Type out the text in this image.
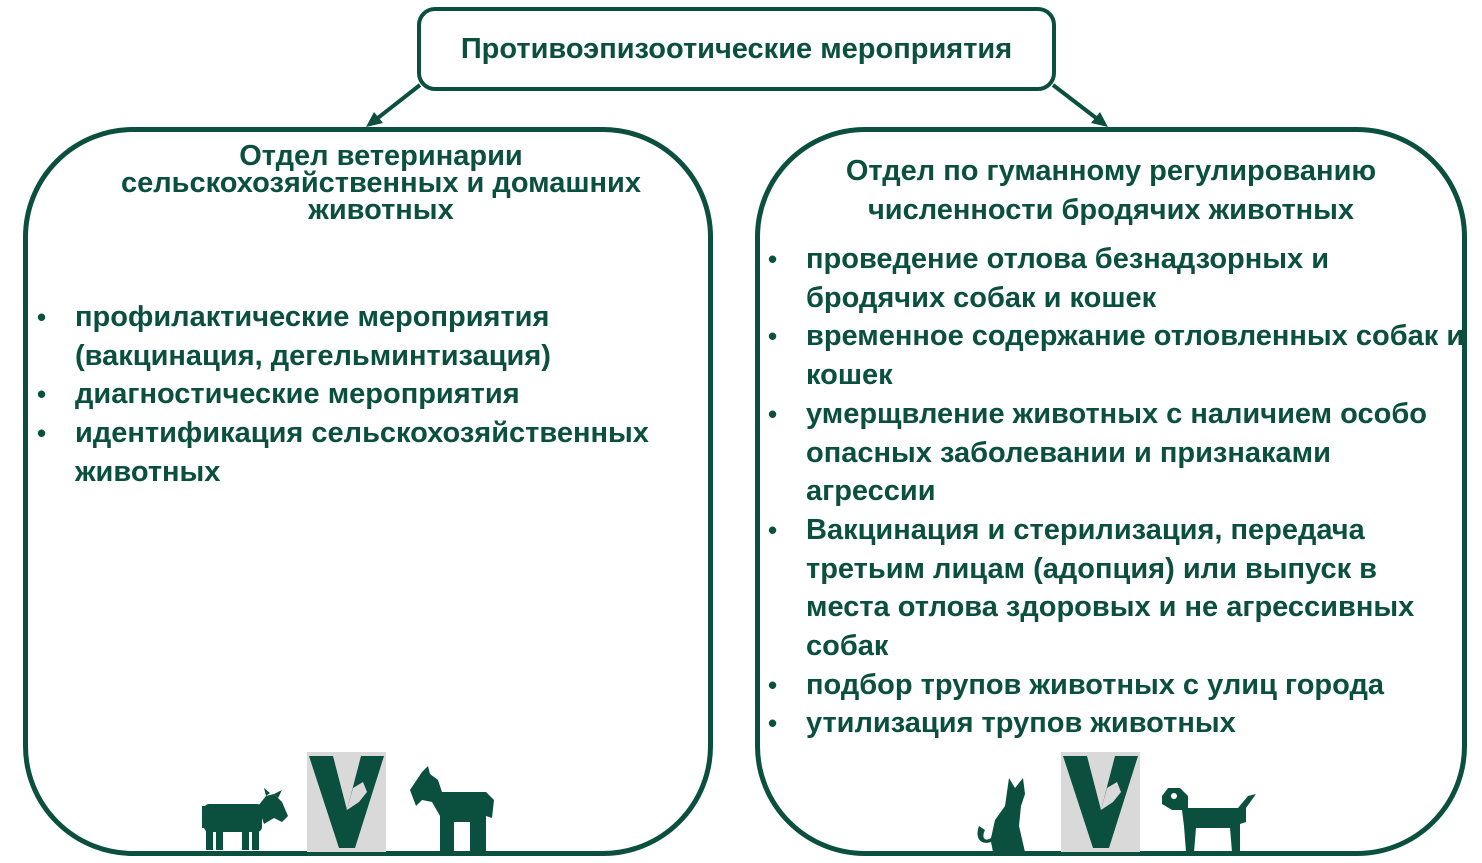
Противоэпизоотические мероприятия
Отдел ветеринарии
сельскохозяйственных и домашних
животных
• профилактические мероприятия (вакцинация, дегельминтизация)
• диагностические мероприятия
• идентификация сельскохозяйственных животных
Отдел по гуманному регулированию
численности бродячих животных
• проведение отлова безнадзорных и бродячих собак и кошек
• временное содержание отловленных собак и кошек
• умерщвление животных с наличием особо опасных заболевании и признаками агрессии
• Вакцинация и стерилизация, передача третьим лицам (адопция) или выпуск в места отлова здоровых и не агрессивных собак
• подбор трупов животных с улиц города
• утилизация трупов животных
